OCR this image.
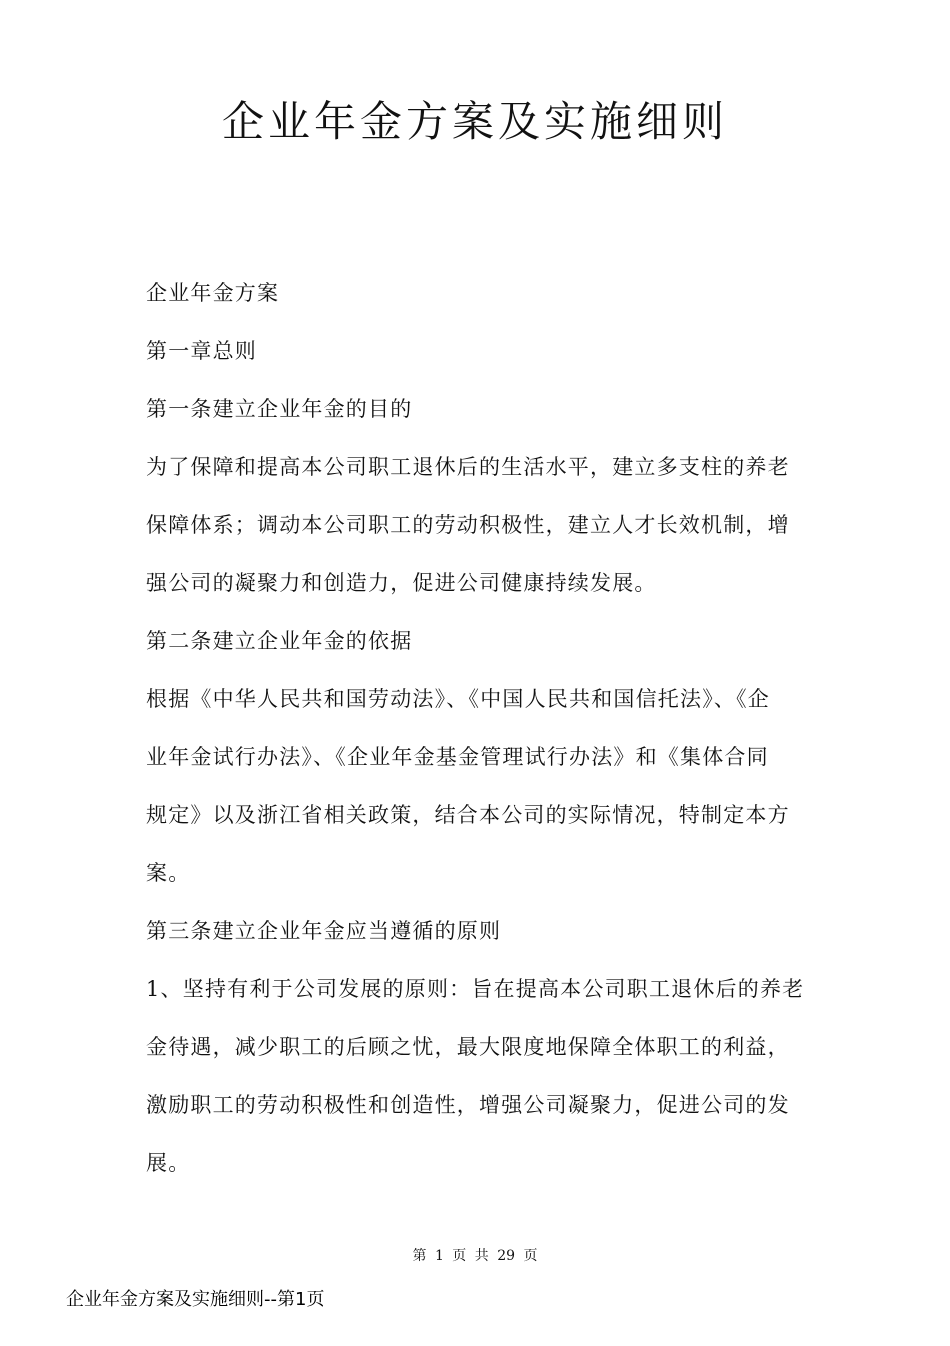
企业年金方案及实施细则
企业年金方案
第一章总则
第一条建立企业年金的目的
为了保障和提高本公司职工退休后的生活水平，建立多支柱的养老
保障体系；调动本公司职工的劳动积极性，建立人才长效机制，增
强公司的凝聚力和创造力，促进公司健康持续发展。
第二条建立企业年金的依据
根据《中华人民共和国劳动法》、《中国人民共和国信托法》、《企
业年金试行办法》、《企业年金基金管理试行办法》和《集体合同
规定》以及浙江省相关政策，结合本公司的实际情况，特制定本方
案。
第三条建立企业年金应当遵循的原则
1、坚持有利于公司发展的原则：旨在提高本公司职工退休后的养老
金待遇，减少职工的后顾之忧，最大限度地保障全体职工的利益，
激励职工的劳动积极性和创造性，增强公司凝聚力，促进公司的发
展。
第 1 页 共 29 页
企业年金方案及实施细则--第1页
